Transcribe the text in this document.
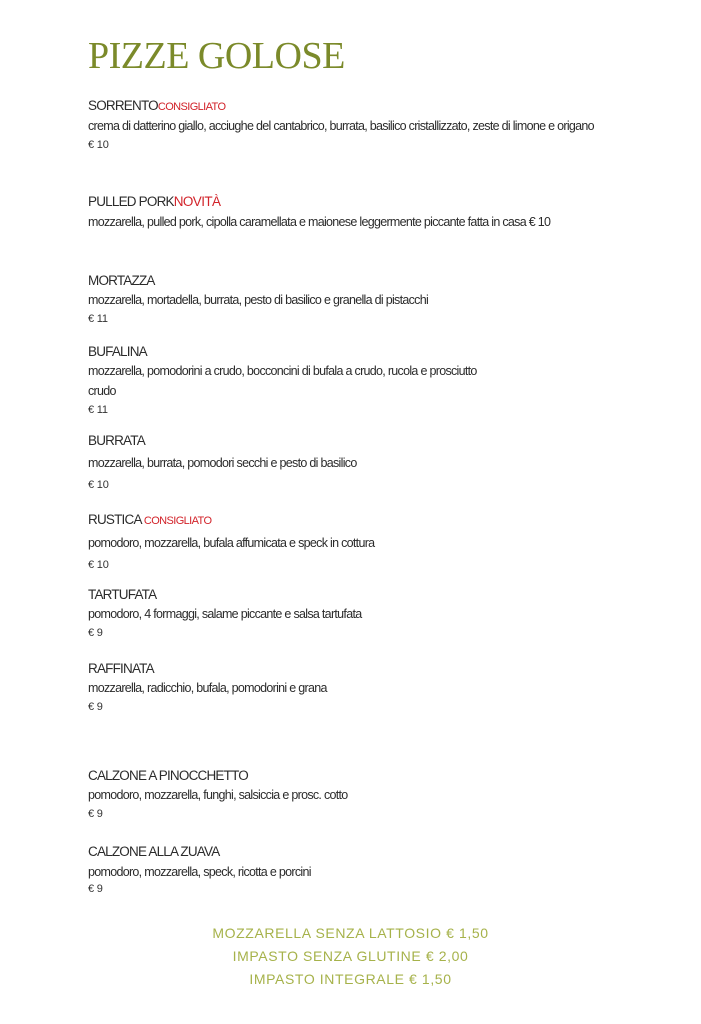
PIZZE GOLOSE
SORRENTOCONSIGLIATO
crema di datterino giallo, acciughe del cantabrico, burrata, basilico cristallizzato, zeste di limone e origano
€ 10
PULLED PORKNOVITÀ
mozzarella, pulled pork, cipolla caramellata e maionese leggermente piccante fatta in casa € 10
MORTAZZA
mozzarella, mortadella, burrata, pesto di basilico e granella di pistacchi
€ 11
BUFALINA
mozzarella, pomodorini a crudo, bocconcini di bufala a crudo, rucola e prosciutto crudo
€ 11
BURRATA
mozzarella, burrata, pomodori secchi e pesto di basilico
€ 10
RUSTICA CONSIGLIATO
pomodoro, mozzarella, bufala affumicata e speck in cottura
€ 10
TARTUFATA
pomodoro, 4 formaggi, salame piccante e salsa tartufata
€ 9
RAFFINATA
mozzarella, radicchio, bufala, pomodorini e grana
€ 9
CALZONE A PINOCCHETTO
pomodoro, mozzarella, funghi, salsiccia e prosc. cotto
€ 9
CALZONE ALLA ZUAVA
pomodoro, mozzarella, speck, ricotta e porcini
€ 9
MOZZARELLA SENZA LATTOSIO € 1,50
IMPASTO SENZA GLUTINE € 2,00
IMPASTO INTEGRALE € 1,50
